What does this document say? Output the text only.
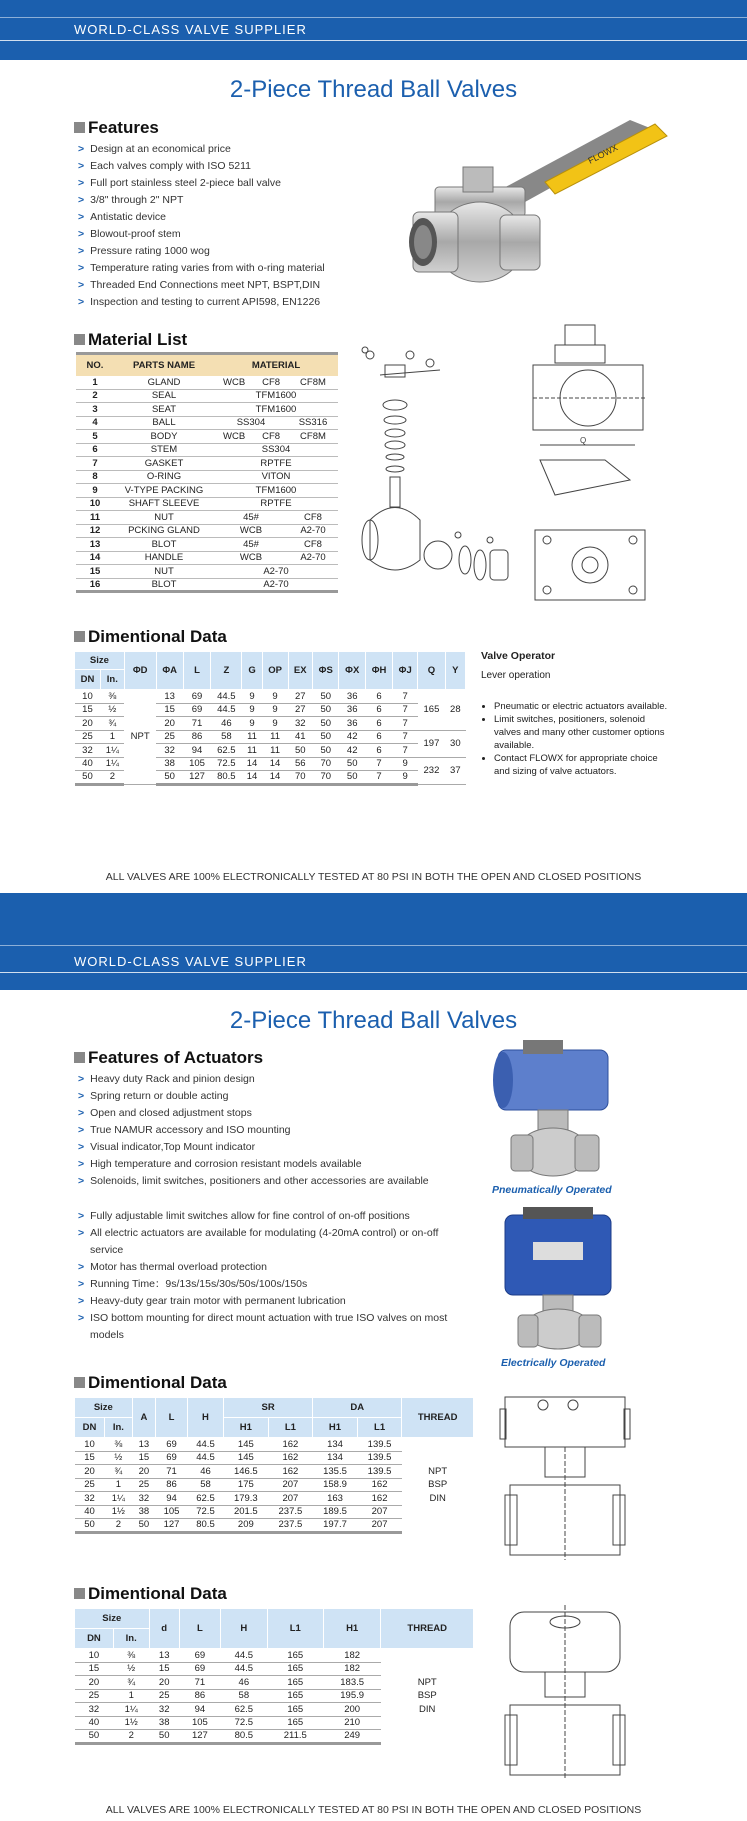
WORLD-CLASS VALVE SUPPLIER
2-Piece Thread Ball Valves
Features
> Design at an economical price
> Each valves comply with ISO 5211
> Full port stainless steel 2-piece ball valve
> 3/8" through 2" NPT
> Antistatic device
> Blowout-proof stem
> Pressure rating 1000 wog
> Temperature rating varies from with o-ring material
> Threaded End Connections meet NPT, BSPT,DIN
> Inspection and testing to current API598, EN1226
FLOWX
Material List
NO.	PARTS NAME	MATERIAL		
1	GLAND	WCB	CF8	CF8M
2	SEAL	TFM1600		
3	SEAT	TFM1600		
4	BALL	SS304		SS316
5	BODY	WCB	CF8	CF8M
6	STEM	SS304		
7	GASKET	RPTFE		
8	O-RING	VITON		
9	V-TYPE PACKING	TFM1600		
10	SHAFT SLEEVE	RPTFE		
11	NUT	45#		CF8
12	PCKING GLAND	WCB		A2-70
13	BLOT	45#		CF8
14	HANDLE	WCB		A2-70
15	NUT	A2-70		
16	BLOT	A2-70		
Q
Dimentional Data
Size		ΦD	ΦA	L	Z	G	OP	EX	ΦS	ΦX	ΦH	ΦJ	Q	Y
DN	In.													
10	⅜	NPT	13	69	44.5	9	9	27	50	36	6	7	165	28
15	½		15	69	44.5	9	9	27	50	36	6	7		
20	¾		20	71	46	9	9	32	50	36	6	7		
25	1		25	86	58	11	11	41	50	42	6	7	197	30
32	1¼		32	94	62.5	11	11	50	50	42	6	7		
40	1¼		38	105	72.5	14	14	56	70	50	7	9	232	37
50	2		50	127	80.5	14	14	70	70	50	7	9		
Valve Operator
Lever operation
• Pneumatic or electric actuators available.
• Limit switches, positioners, solenoid valves and many other customer options available.
• Contact FLOWX for appropriate choice and sizing of valve actuators.
ALL VALVES ARE 100% ELECTRONICALLY TESTED AT 80 PSI IN BOTH THE OPEN AND CLOSED POSITIONS
WORLD-CLASS VALVE SUPPLIER
2-Piece Thread Ball Valves
Features of Actuators
> Heavy duty Rack and pinion design
> Spring return or double acting
> Open and closed adjustment stops
> True NAMUR accessory and ISO mounting
> Visual indicator,Top Mount indicator
> High temperature and corrosion resistant models available
> Solenoids, limit switches, positioners and other accessories are available
> Fully adjustable limit switches allow for fine control of on-off positions
> All electric actuators are available for modulating (4-20mA control) or on-off service
> Motor has thermal overload protection
> Running Time：9s/13s/15s/30s/50s/100s/150s
> Heavy-duty gear train motor with permanent lubrication
> ISO bottom mounting for direct mount actuation with true ISO valves on most models
Pneumatically Operated
Electrically Operated
Dimentional Data
Size		A	L	H	SR		DA		THREAD
DN	In.				H1	L1	H1	L1	
10	⅜	13	69	44.5	145	162	134	139.5	
15	½	15	69	44.5	145	162	134	139.5	
20	¾	20	71	46	146.5	162	135.5	139.5	NPT
25	1	25	86	58	175	207	158.9	162	BSP
32	1¼	32	94	62.5	179.3	207	163	162	DIN
40	1½	38	105	72.5	201.5	237.5	189.5	207	
50	2	50	127	80.5	209	237.5	197.7	207	
Dimentional Data
Size		d	L	H	L1	H1	THREAD
DN	In.						
10	⅜	13	69	44.5	165	182	
15	½	15	69	44.5	165	182	
20	¾	20	71	46	165	183.5	NPT
25	1	25	86	58	165	195.9	BSP
32	1¼	32	94	62.5	165	200	DIN
40	1½	38	105	72.5	165	210	
50	2	50	127	80.5	211.5	249	
ALL VALVES ARE 100% ELECTRONICALLY TESTED AT 80 PSI IN BOTH THE OPEN AND CLOSED POSITIONS
